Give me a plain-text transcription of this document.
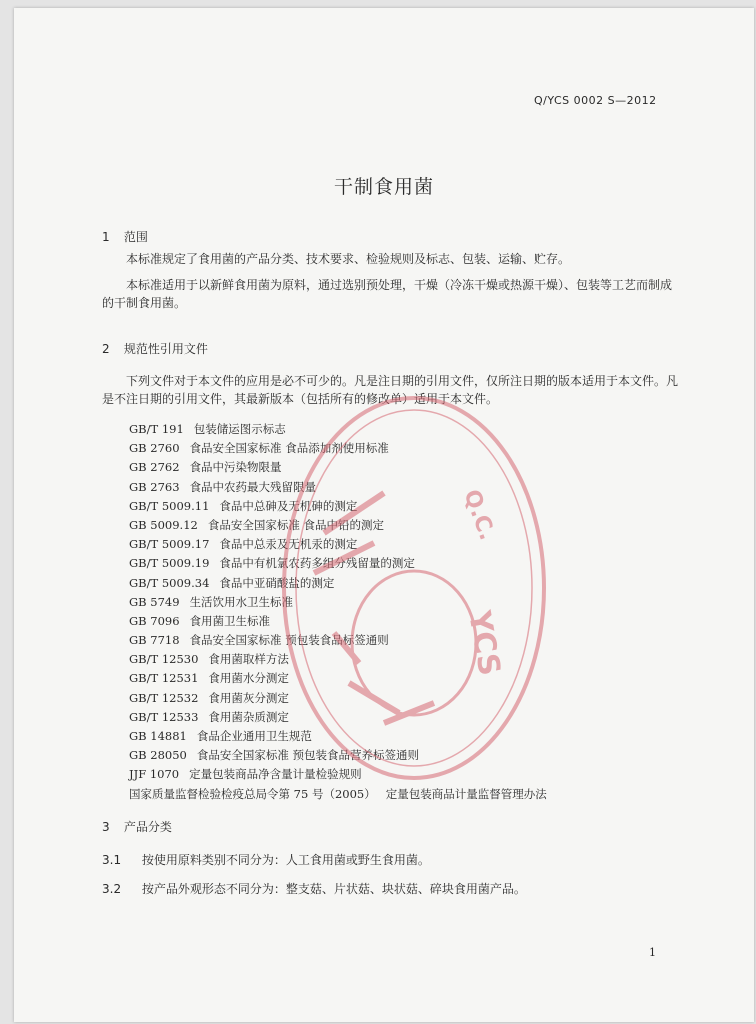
Q/YCS 0002 S—2012
干制食用菌
1 范围

本标准规定了食用菌的产品分类、技术要求、检验规则及标志、包装、运输、贮存。

本标准适用于以新鲜食用菌为原料，通过选别预处理，干燥（冷冻干燥或热源干燥）、包装等工艺而制成的干制食用菌。

2 规范性引用文件

下列文件对于本文件的应用是必不可少的。凡是注日期的引用文件，仅所注日期的版本适用于本文件。凡是不注日期的引用文件，其最新版本（包括所有的修改单）适用于本文件。

GB/T 191 包装储运图示标志
GB 2760 食品安全国家标准 食品添加剂使用标准
GB 2762 食品中污染物限量
GB 2763 食品中农药最大残留限量
GB/T 5009.11 食品中总砷及无机砷的测定
GB 5009.12 食品安全国家标准 食品中铅的测定
GB/T 5009.17 食品中总汞及无机汞的测定
GB/T 5009.19 食品中有机氯农药多组分残留量的测定
GB/T 5009.34 食品中亚硝酸盐的测定
GB 5749 生活饮用水卫生标准
GB 7096 食用菌卫生标准
GB 7718 食品安全国家标准 预包装食品标签通则
GB/T 12530 食用菌取样方法
GB/T 12531 食用菌水分测定
GB/T 12532 食用菌灰分测定
GB/T 12533 食用菌杂质测定
GB 14881 食品企业通用卫生规范
GB 28050 食品安全国家标准 预包装食品营养标签通则
JJF 1070 定量包装商品净含量计量检验规则
国家质量监督检验检疫总局令第 75 号（2005） 定量包装商品计量监督管理办法
3 产品分类
3.1 按使用原料类别不同分为：人工食用菌或野生食用菌。
3.2 按产品外观形态不同分为：整支菇、片状菇、块状菇、碎块食用菌产品。
1
YCS
Q.C.
